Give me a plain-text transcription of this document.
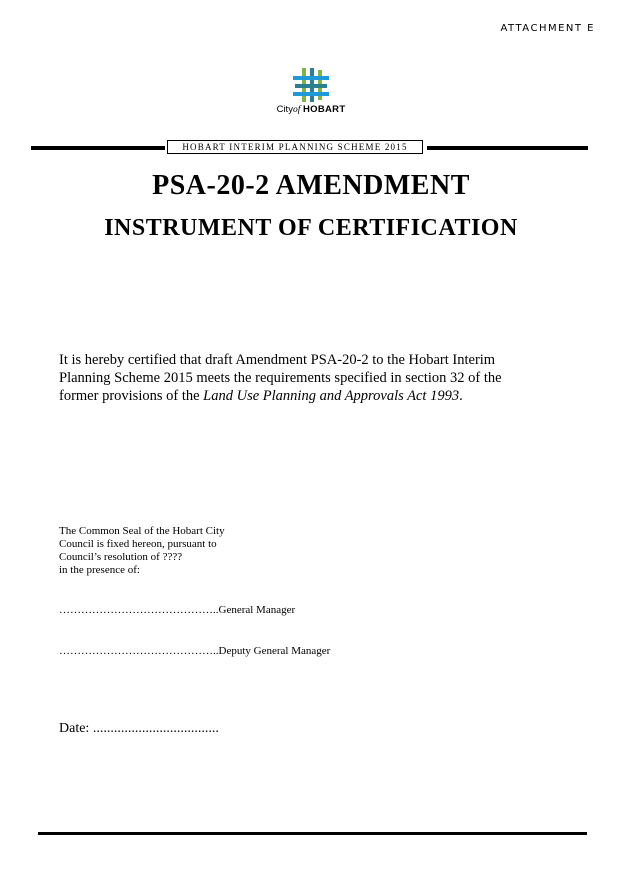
ATTACHMENT E
Cityof HOBART
HOBART INTERIM PLANNING SCHEME 2015
PSA-20-2 AMENDMENT
INSTRUMENT OF CERTIFICATION
It is hereby certified that draft Amendment PSA-20-2 to the Hobart Interim Planning Scheme 2015 meets the requirements specified in section 32 of the former provisions of the Land Use Planning and Approvals Act 1993.
The Common Seal of the Hobart City
Council is fixed hereon, pursuant to
Council’s resolution of ????
in the presence of:
……………………………………..General Manager
……………………………………..Deputy General Manager
Date: ....................................
